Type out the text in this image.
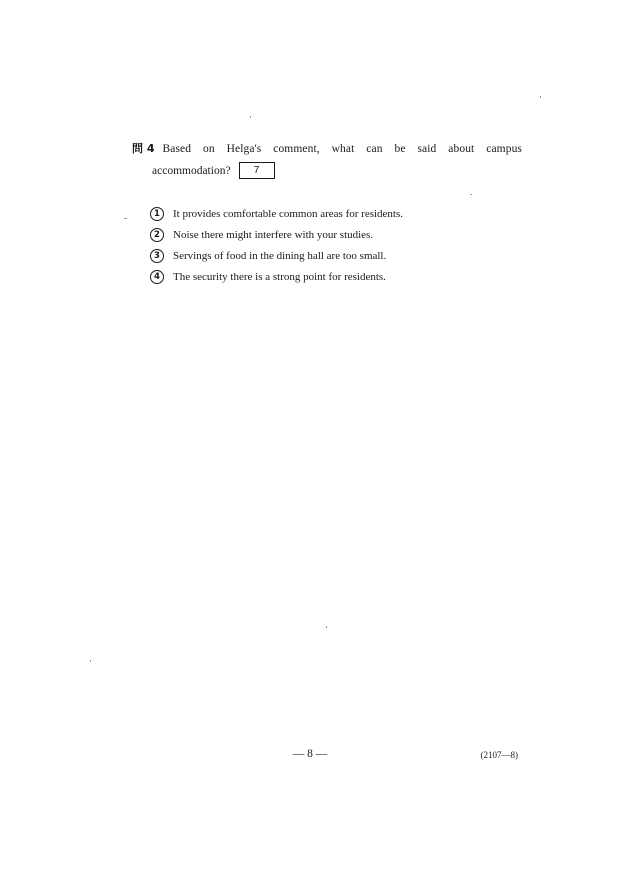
問 4 Based on Helga's comment, what can be said about campus
accommodation?	7
1	It provides comfortable common areas for residents.
2	Noise there might interfere with your studies.
3	Servings of food in the dining hall are too small.
4	The security there is a strong point for residents.
— 8 —	(2107—8)
